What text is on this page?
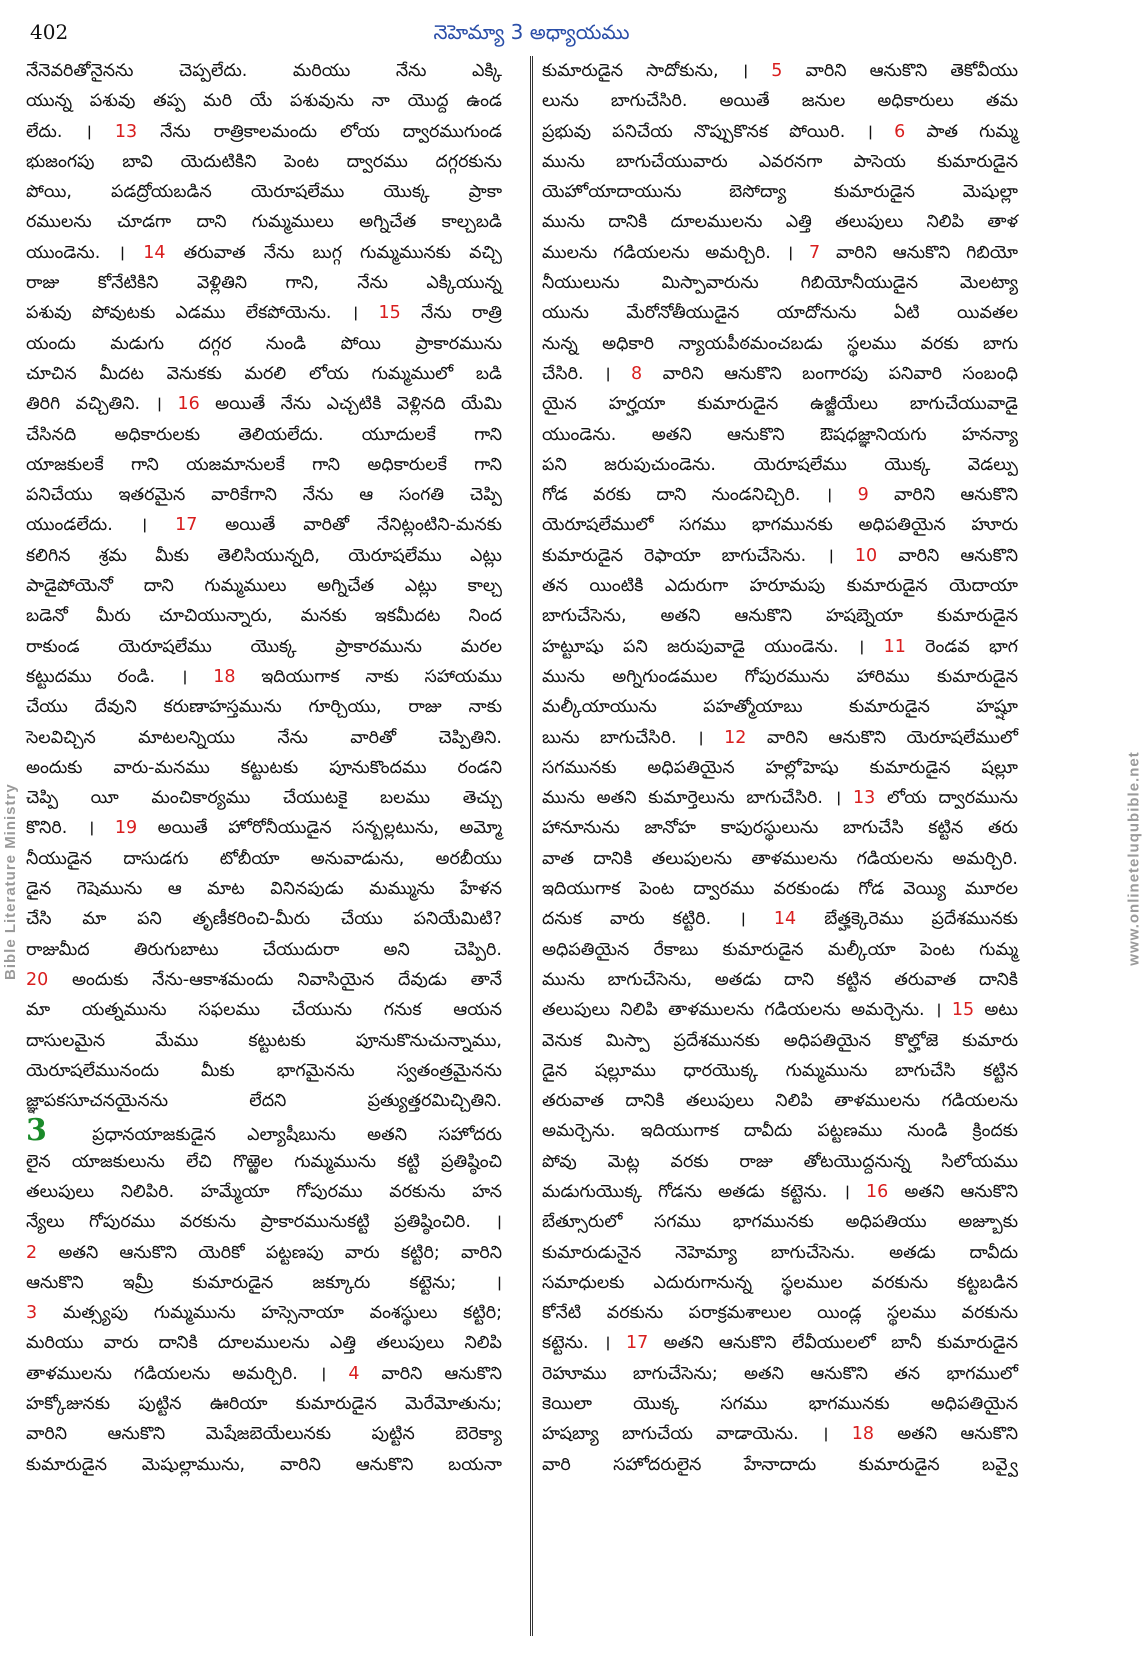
402	నెహెమ్యా 3 అధ్యాయము
Bible Literature Ministry	www.onlineteluqubible.net
నేనెవరితోనైనను చెప్పలేదు. మరియు నేను ఎక్కి
యున్న పశువు తప్ప మరి యే పశువును నా యొద్ద ఉండ
లేదు. । 13 నేను రాత్రికాలమందు లోయ ద్వారముగుండ
భుజంగపు బావి యెదుటికిని పెంట ద్వారము దగ్గరకును
పోయి, పడద్రోయబడిన యెరూషలేము యొక్క ప్రాకా
రములను చూడగా దాని గుమ్మములు అగ్నిచేత కాల్చబడి
యుండెను. । 14 తరువాత నేను బుగ్గ గుమ్మమునకు వచ్చి
రాజు కోనేటికిని వెళ్లితిని గాని, నేను ఎక్కియున్న
పశువు పోవుటకు ఎడము లేకపోయెను. । 15 నేను రాత్రి
యందు మడుగు దగ్గర నుండి పోయి ప్రాకారమును
చూచిన మీదట వెనుకకు మరలి లోయ గుమ్మములో బడి
తిరిగి వచ్చితిని. । 16 అయితే నేను ఎచ్చటికి వెళ్లినది యేమి
చేసినది అధికారులకు తెలియలేదు. యూదులకే గాని
యాజకులకే గాని యజమానులకే గాని అధికారులకే గాని
పనిచేయు ఇతరమైన వారికేగాని నేను ఆ సంగతి చెప్పి
యుండలేదు. । 17 అయితే వారితో నేనిట్లంటిని-మనకు
కలిగిన శ్రమ మీకు తెలిసియున్నది, యెరూషలేము ఎట్లు
పాడైపోయెనో దాని గుమ్మములు అగ్నిచేత ఎట్లు కాల్చ
బడెనో మీరు చూచియున్నారు, మనకు ఇకమీదట నింద
రాకుండ యెరూషలేము యొక్క ప్రాకారమును మరల
కట్టుదము రండి. । 18 ఇదియుగాక నాకు సహాయము
చేయు దేవుని కరుణాహస్తమును గూర్చియు, రాజు నాకు
సెలవిచ్చిన మాటలన్నియు నేను వారితో చెప్పితిని.
అందుకు వారు-మనము కట్టుటకు పూనుకొందము రండని
చెప్పి యీ మంచికార్యము చేయుటకై బలము తెచ్చు
కొనిరి. । 19 అయితే హోరోనీయుడైన సన్బల్లటును, అమ్మో
నీయుడైన దాసుడగు టోబీయా అనువాడును, అరబీయు
డైన గెషెమును ఆ మాట వినినపుడు మమ్మును హేళన
చేసి మా పని తృణీకరించి-మీరు చేయు పనియేమిటి?
రాజుమీద తిరుగుబాటు చేయుదురా అని చెప్పిరి.
20 అందుకు నేను-ఆకాశమందు నివాసియైన దేవుడు తానే
మా యత్నమును సఫలము చేయును గనుక ఆయన
దాసులమైన మేము కట్టుటకు పూనుకొనుచున్నాము,
యెరూషలేమునందు మీకు భాగమైనను స్వతంత్రమైనను
జ్ఞాపకసూచనయైనను లేదని ప్రత్యుత్తరమిచ్చితిని.
3 ప్రధానయాజకుడైన ఎల్యాషీబును అతని సహోదరు
లైన యాజకులును లేచి గొఱ్ఱెల గుమ్మమును కట్టి ప్రతిష్ఠించి
తలుపులు నిలిపిరి. హమ్మేయా గోపురము వరకును హన
న్యేలు గోపురము వరకును ప్రాకారమునుకట్టి ప్రతిష్ఠించిరి. ।
2 అతని ఆనుకొని యెరికో పట్టణపు వారు కట్టిరి; వారిని
ఆనుకొని ఇమ్రీ కుమారుడైన జక్కూరు కట్టెను; ।
3 మత్స్యపు గుమ్మమును హస్సెనాయా వంశస్థులు కట్టిరి;
మరియు వారు దానికి దూలములను ఎత్తి తలుపులు నిలిపి
తాళములను గడియలను అమర్చిరి. । 4 వారిని ఆనుకొని
హక్కోజునకు పుట్టిన ఊరియా కుమారుడైన మెరేమోతును;
వారిని ఆనుకొని మెషేజబెయేలునకు పుట్టిన బెరెక్యా
కుమారుడైన మెషుల్లామును, వారిని ఆనుకొని బయనా
కుమారుడైన సాదోకును, । 5 వారిని ఆనుకొని తెకోవీయు
లును బాగుచేసిరి. అయితే జనుల అధికారులు తమ
ప్రభువు పనిచేయ నొప్పుకొనక పోయిరి. । 6 పాత గుమ్మ
మును బాగుచేయువారు ఎవరనగా పాసెయ కుమారుడైన
యెహోయాదాయును బెసోద్యా కుమారుడైన మెషుల్లా
మును దానికి దూలములను ఎత్తి తలుపులు నిలిపి తాళ
ములను గడియలను అమర్చిరి. । 7 వారిని ఆనుకొని గిబియో
నీయులును మిస్పావారును గిబియోనీయుడైన మెలట్యా
యును మేరోనోతీయుడైన యాదోనును ఏటి యివతల
నున్న అధికారి న్యాయపీఠమంచబడు స్థలము వరకు బాగు
చేసిరి. । 8 వారిని ఆనుకొని బంగారపు పనివారి సంబంధి
యైన హర్హయా కుమారుడైన ఉజ్జీయేలు బాగుచేయువాడై
యుండెను. అతని ఆనుకొని ఔషధజ్ఞానియగు హనన్యా
పని జరుపుచుండెను. యెరూషలేము యొక్క వెడల్పు
గోడ వరకు దాని నుండనిచ్చిరి. । 9 వారిని ఆనుకొని
యెరూషలేములో సగము భాగమునకు అధిపతియైన హూరు
కుమారుడైన రెఫాయా బాగుచేసెను. । 10 వారిని ఆనుకొని
తన యింటికి ఎదురుగా హరూమపు కుమారుడైన యెదాయా
బాగుచేసెను, అతని ఆనుకొని హషబ్నెయా కుమారుడైన
హట్టూషు పని జరుపువాడై యుండెను. । 11 రెండవ భాగ
మును అగ్నిగుండముల గోపురమును హారిము కుమారుడైన
మల్కీయాయును పహత్మోయాబు కుమారుడైన హష్షూ
బును బాగుచేసిరి. । 12 వారిని ఆనుకొని యెరూషలేములో
సగమునకు అధిపతియైన హల్లోహెషు కుమారుడైన షల్లూ
మును అతని కుమార్తెలును బాగుచేసిరి. । 13 లోయ ద్వారమును
హానూనును జానోహ కాపురస్థులును బాగుచేసి కట్టిన తరు
వాత దానికి తలుపులను తాళములను గడియలను అమర్చిరి.
ఇదియుగాక పెంట ద్వారము వరకుండు గోడ వెయ్యి మూరల
దనుక వారు కట్టిరి. । 14 బేత్హక్కెరెము ప్రదేశమునకు
అధిపతియైన రేకాబు కుమారుడైన మల్కీయా పెంట గుమ్మ
మును బాగుచేసెను, అతడు దాని కట్టిన తరువాత దానికి
తలుపులు నిలిపి తాళములను గడియలను అమర్చెను. । 15 అటు
వెనుక మిస్పా ప్రదేశమునకు అధిపతియైన కొల్హోజె కుమారు
డైన షల్లూము ధారయొక్క గుమ్మమును బాగుచేసి కట్టిన
తరువాత దానికి తలుపులు నిలిపి తాళములను గడియలను
అమర్చెను. ఇదియుగాక దావీదు పట్టణము నుండి క్రిందకు
పోవు మెట్ల వరకు రాజు తోటయొద్దనున్న సిలోయము
మడుగుయొక్క గోడను అతడు కట్టెను. । 16 అతని ఆనుకొని
బేత్సూరులో సగము భాగమునకు అధిపతియు అజ్బూకు
కుమారుడునైన నెహెమ్యా బాగుచేసెను. అతడు దావీదు
సమాధులకు ఎదురుగానున్న స్థలముల వరకును కట్టబడిన
కోనేటి వరకును పరాక్రమశాలుల యిండ్ల స్థలము వరకును
కట్టెను. । 17 అతని ఆనుకొని లేవీయులలో బానీ కుమారుడైన
రెహూము బాగుచేసెను; అతని ఆనుకొని తన భాగములో
కెయిలా యొక్క సగము భాగమునకు అధిపతియైన
హషబ్యా బాగుచేయ వాడాయెను. । 18 అతని ఆనుకొని
వారి సహోదరులైన హేనాదాదు కుమారుడైన బవ్వై
